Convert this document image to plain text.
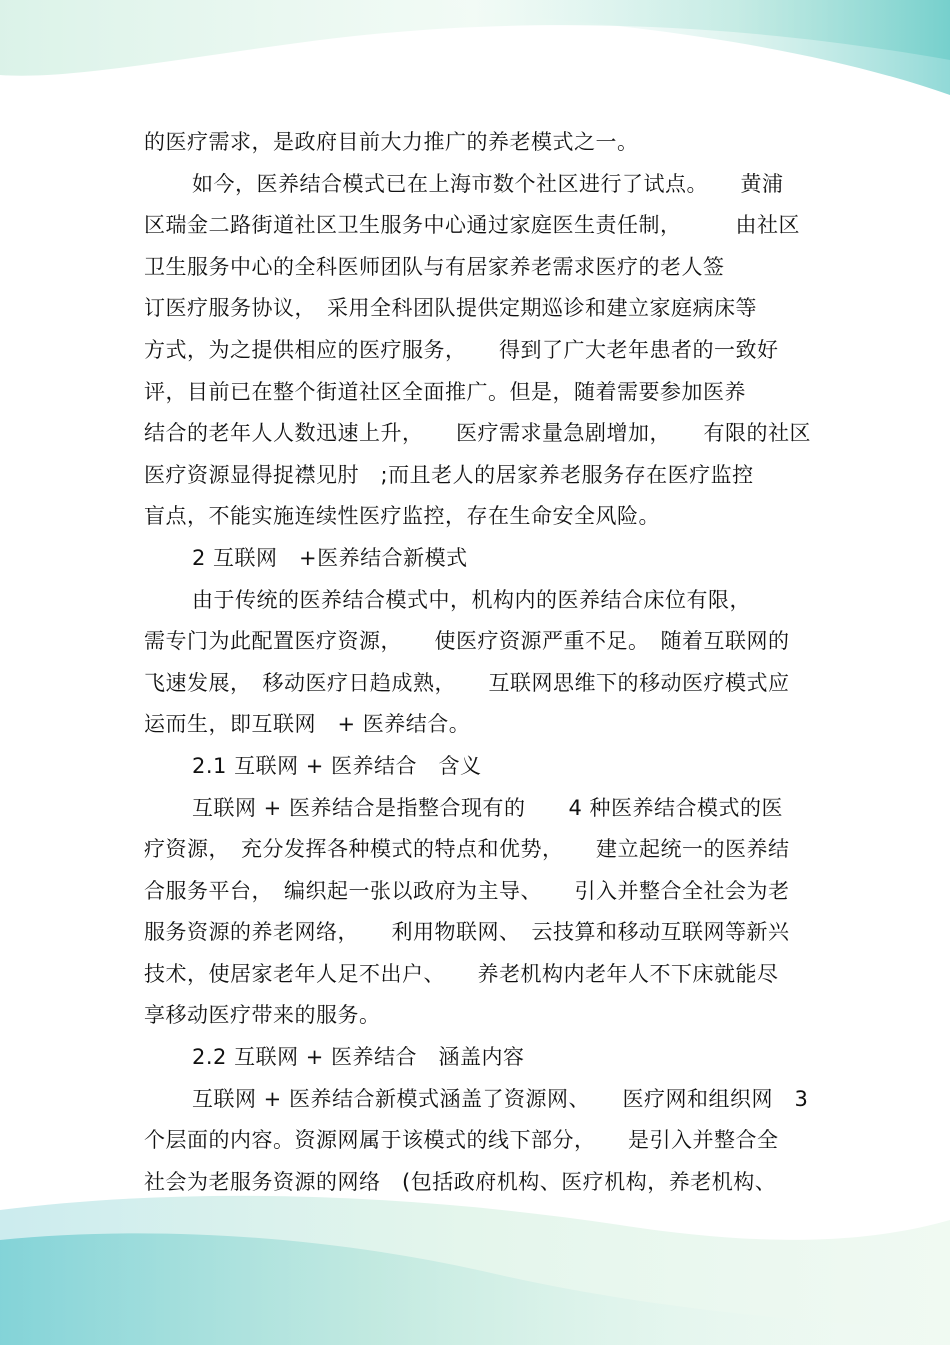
的医疗需求，是政府目前大力推广的养老模式之一。
如今，医养结合模式已在上海市数个社区进行了试点。　　黄浦
区瑞金二路街道社区卫生服务中心通过家庭医生责任制，　　　由社区
卫生服务中心的全科医师团队与有居家养老需求医疗的老人签
订医疗服务协议，　采用全科团队提供定期巡诊和建立家庭病床等
方式，为之提供相应的医疗服务，　　得到了广大老年患者的一致好
评，目前已在整个街道社区全面推广。但是，随着需要参加医养
结合的老年人人数迅速上升，　　医疗需求量急剧增加，　　有限的社区
医疗资源显得捉襟见肘　;而且老人的居家养老服务存在医疗监控
盲点，不能实施连续性医疗监控，存在生命安全风险。
2 互联网　+医养结合新模式
由于传统的医养结合模式中，机构内的医养结合床位有限，
需专门为此配置医疗资源，　　使医疗资源严重不足。　随着互联网的
飞速发展，　移动医疗日趋成熟，　　互联网思维下的移动医疗模式应
运而生，即互联网　+ 医养结合。
2.1 互联网 + 医养结合　含义
互联网 + 医养结合是指整合现有的　　4 种医养结合模式的医
疗资源，　充分发挥各种模式的特点和优势，　　建立起统一的医养结
合服务平台，　编织起一张以政府为主导、　　引入并整合全社会为老
服务资源的养老网络，　　利用物联网、　云技算和移动互联网等新兴
技术，使居家老年人足不出户、　　养老机构内老年人不下床就能尽
享移动医疗带来的服务。
2.2 互联网 + 医养结合　涵盖内容
互联网 + 医养结合新模式涵盖了资源网、　　医疗网和组织网　3
个层面的内容。资源网属于该模式的线下部分，　　是引入并整合全
社会为老服务资源的网络　(包括政府机构、医疗机构，养老机构、
